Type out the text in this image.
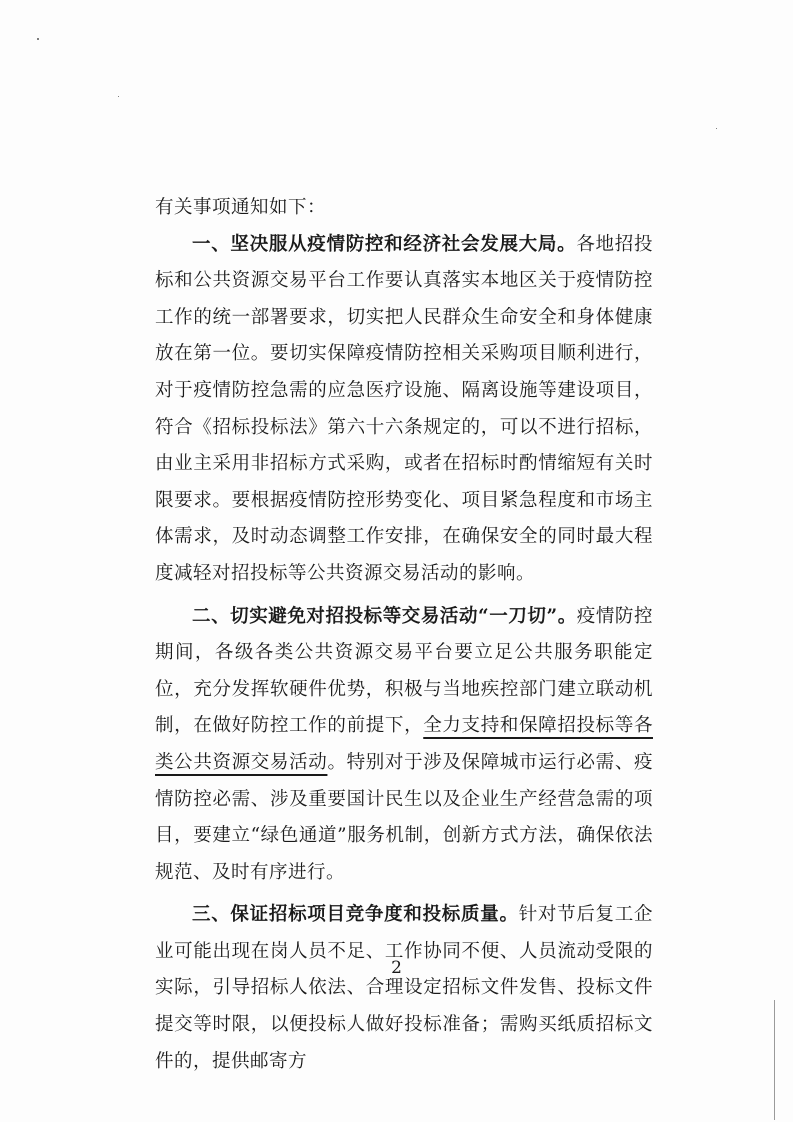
有关事项通知如下：

一、坚决服从疫情防控和经济社会发展大局。各地招投标和公共资源交易平台工作要认真落实本地区关于疫情防控工作的统一部署要求，切实把人民群众生命安全和身体健康放在第一位。要切实保障疫情防控相关采购项目顺利进行，对于疫情防控急需的应急医疗设施、隔离设施等建设项目，符合《招标投标法》第六十六条规定的，可以不进行招标，由业主采用非招标方式采购，或者在招标时酌情缩短有关时限要求。要根据疫情防控形势变化、项目紧急程度和市场主体需求，及时动态调整工作安排，在确保安全的同时最大程度减轻对招投标等公共资源交易活动的影响。

二、切实避免对招投标等交易活动“一刀切”。疫情防控期间，各级各类公共资源交易平台要立足公共服务职能定位，充分发挥软硬件优势，积极与当地疾控部门建立联动机制，在做好防控工作的前提下，全力支持和保障招投标等各类公共资源交易活动。特别对于涉及保障城市运行必需、疫情防控必需、涉及重要国计民生以及企业生产经营急需的项目，要建立“绿色通道”服务机制，创新方式方法，确保依法规范、及时有序进行。

三、保证招标项目竞争度和投标质量。针对节后复工企业可能出现在岗人员不足、工作协同不便、人员流动受限的实际，引导招标人依法、合理设定招标文件发售、投标文件提交等时限，以便投标人做好投标准备；需购买纸质招标文件的，提供邮寄方

2
